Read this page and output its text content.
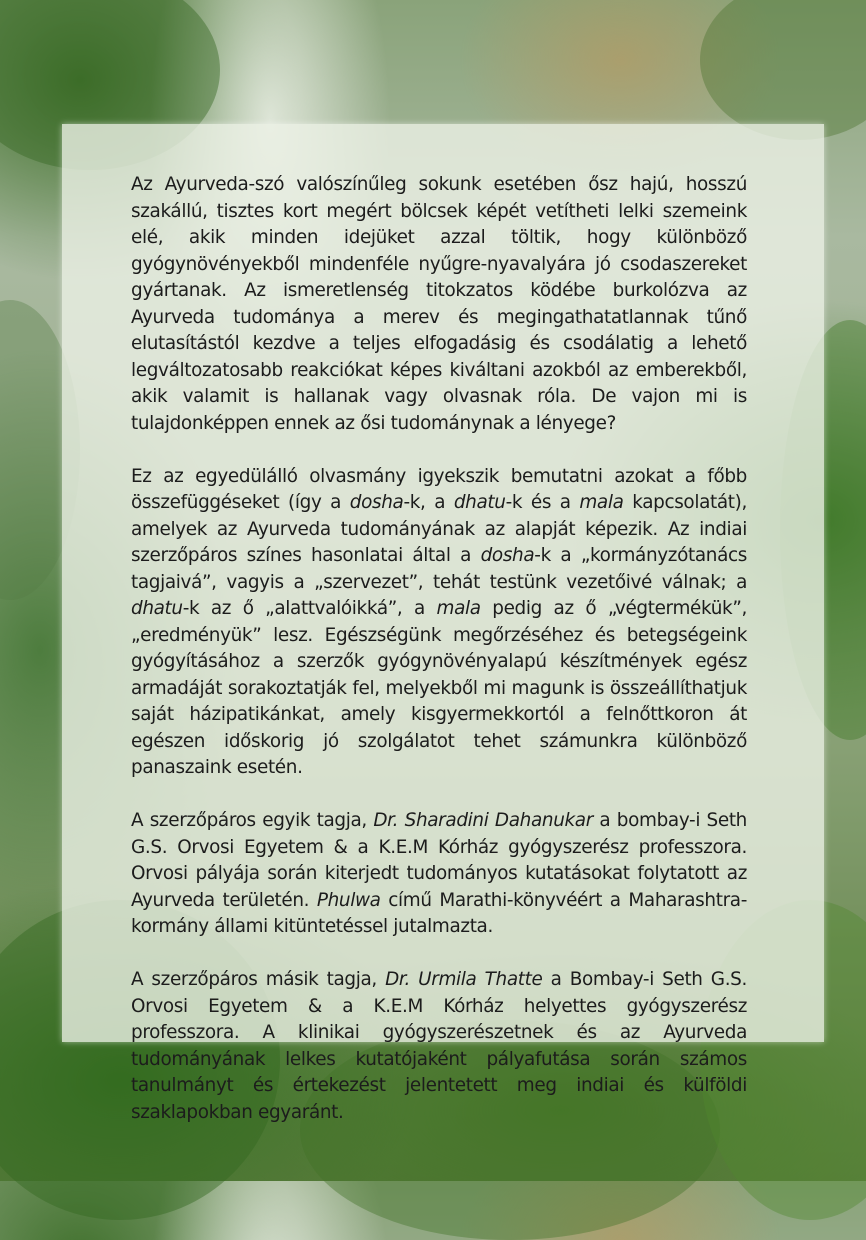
Az Ayurveda-szó valószínűleg sokunk esetében ősz hajú, hosszú szakállú, tisztes kort megért bölcsek képét vetítheti lelki szemeink elé, akik minden idejüket azzal töltik, hogy különböző gyógynövényekből mindenféle nyűgre-nyavalyára jó csodaszereket gyártanak. Az ismeretlenség titokzatos ködébe burkolózva az Ayurveda tudománya a merev és megingathatatlannak tűnő elutasítástól kezdve a teljes elfogadásig és csodálatig a lehető legváltozatosabb reakciókat képes kiváltani azokból az emberekből, akik valamit is hallanak vagy olvasnak róla. De vajon mi is tulajdonképpen ennek az ősi tudománynak a lényege?

Ez az egyedülálló olvasmány igyekszik bemutatni azokat a főbb összefüggéseket (így a dosha-k, a dhatu-k és a mala kapcsolatát), amelyek az Ayurveda tudományának az alapját képezik. Az indiai szerzőpáros színes hasonlatai által a dosha-k a „kormányzótanács tagjaivá”, vagyis a „szervezet”, tehát testünk vezetőivé válnak; a dhatu-k az ő „alattvalóikká”, a mala pedig az ő „végtermékük”, „eredményük” lesz. Egészségünk megőrzéséhez és betegségeink gyógyításához a szerzők gyógynövényalapú készítmények egész armadáját sorakoztatják fel, melyekből mi magunk is összeállíthatjuk saját házipatikánkat, amely kisgyermekkortól a felnőttkoron át egészen időskorig jó szolgálatot tehet számunkra különböző panaszaink esetén.

A szerzőpáros egyik tagja, Dr. Sharadini Dahanukar a bombay-i Seth G.S. Orvosi Egyetem & a K.E.M Kórház gyógyszerész professzora. Orvosi pályája során kiterjedt tudományos kutatásokat folytatott az Ayurveda területén. Phulwa című Marathi-könyvéért a Maharashtra-kormány állami kitüntetéssel jutalmazta.

A szerzőpáros másik tagja, Dr. Urmila Thatte a Bombay-i Seth G.S. Orvosi Egyetem & a K.E.M Kórház helyettes gyógyszerész professzora. A klinikai gyógyszerészetnek és az Ayurveda tudományának lelkes kutatójaként pályafutása során számos tanulmányt és értekezést jelentetett meg indiai és külföldi szaklapokban egyaránt.
